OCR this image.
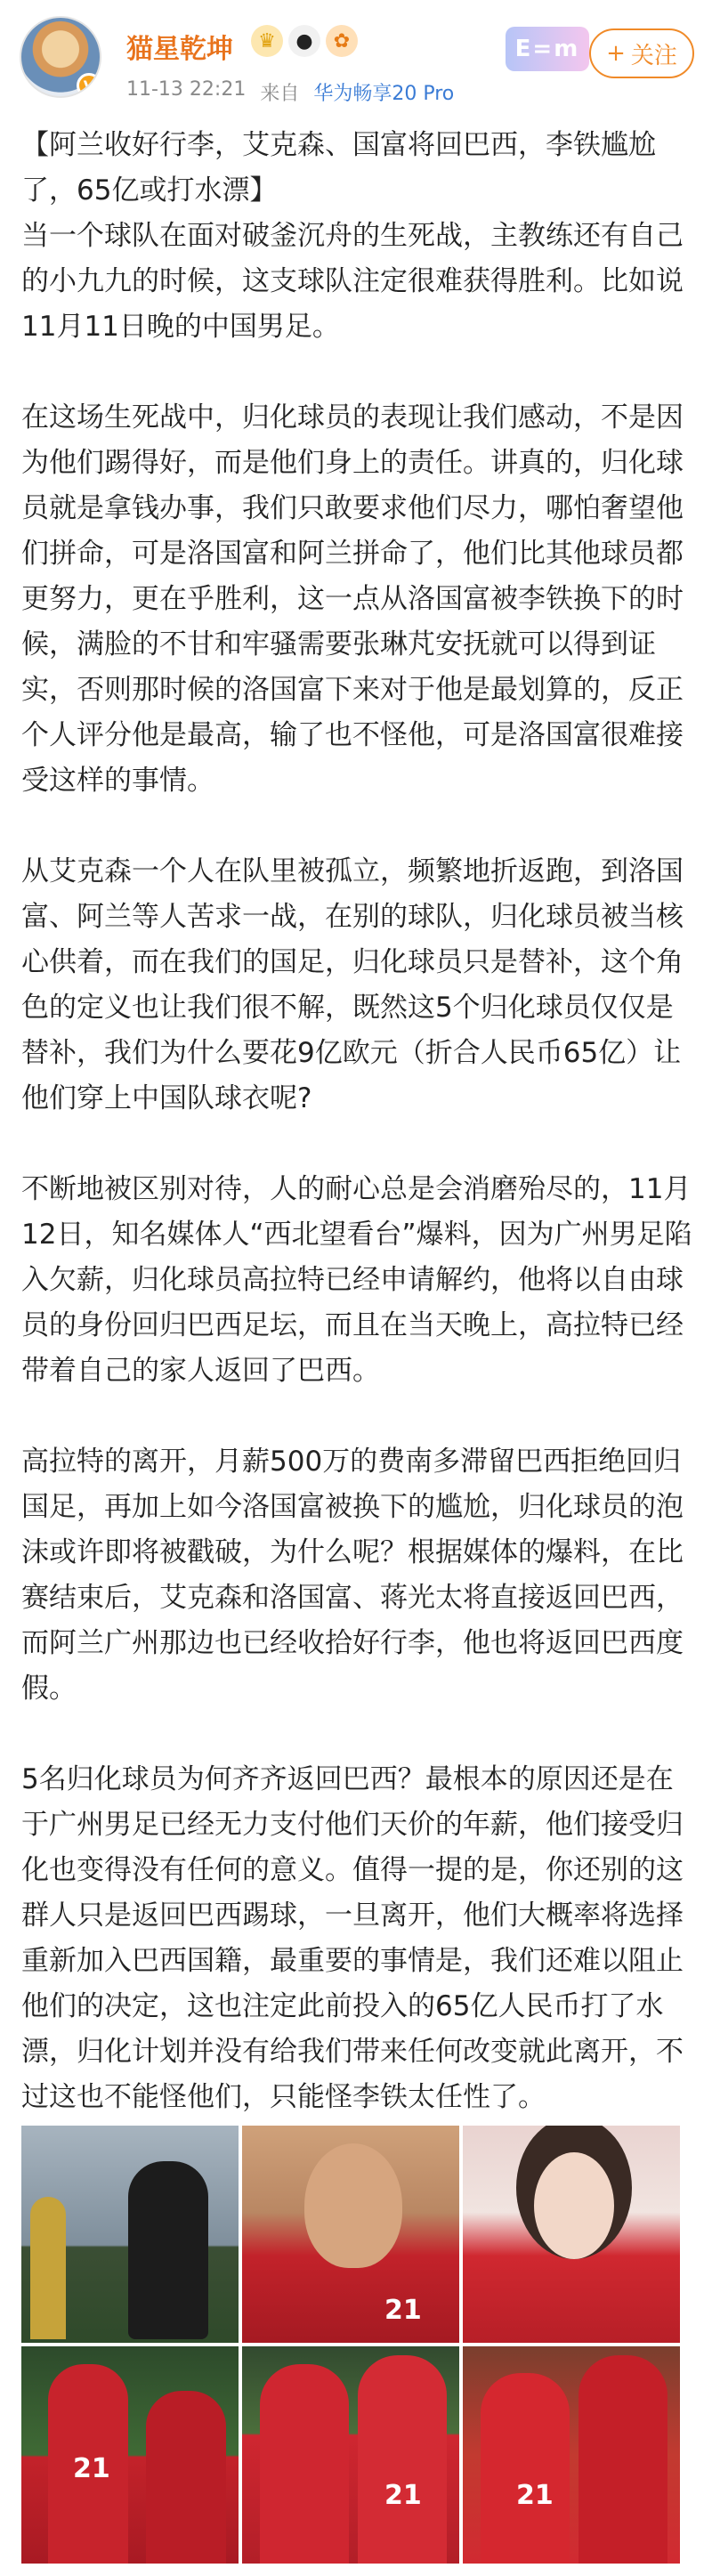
V
猫星乾坤	♛	●	✿
11-13 22:21 来自 华为畅享20 Pro
E=m	+ 关注

【阿兰收好行李，艾克森、国富将回巴西，李铁尴尬了，65亿或打水漂】

当一个球队在面对破釜沉舟的生死战，主教练还有自己的小九九的时候，这支球队注定很难获得胜利。比如说11月11日晚的中国男足。

在这场生死战中，归化球员的表现让我们感动，不是因为他们踢得好，而是他们身上的责任。讲真的，归化球员就是拿钱办事，我们只敢要求他们尽力，哪怕奢望他们拼命，可是洛国富和阿兰拼命了，他们比其他球员都更努力，更在乎胜利，这一点从洛国富被李铁换下的时候，满脸的不甘和牢骚需要张琳芃安抚就可以得到证实，否则那时候的洛国富下来对于他是最划算的，反正个人评分他是最高，输了也不怪他，可是洛国富很难接受这样的事情。

从艾克森一个人在队里被孤立，频繁地折返跑，到洛国富、阿兰等人苦求一战，在别的球队，归化球员被当核心供着，而在我们的国足，归化球员只是替补，这个角色的定义也让我们很不解，既然这5个归化球员仅仅是替补，我们为什么要花9亿欧元（折合人民币65亿）让他们穿上中国队球衣呢?

不断地被区别对待，人的耐心总是会消磨殆尽的，11月12日，知名媒体人“西北望看台”爆料，因为广州男足陷入欠薪，归化球员高拉特已经申请解约，他将以自由球员的身份回归巴西足坛，而且在当天晚上，高拉特已经带着自己的家人返回了巴西。

高拉特的离开，月薪500万的费南多滞留巴西拒绝回归国足，再加上如今洛国富被换下的尴尬，归化球员的泡沫或许即将被戳破，为什么呢？根据媒体的爆料，在比赛结束后，艾克森和洛国富、蒋光太将直接返回巴西，而阿兰广州那边也已经收拾好行李，他也将返回巴西度假。

5名归化球员为何齐齐返回巴西？最根本的原因还是在于广州男足已经无力支付他们天价的年薪，他们接受归化也变得没有任何的意义。值得一提的是，你还别的这群人只是返回巴西踢球，一旦离开，他们大概率将选择重新加入巴西国籍，最重要的事情是，我们还难以阻止他们的决定，这也注定此前投入的65亿人民币打了水漂，归化计划并没有给我们带来任何改变就此离开，不过这也不能怪他们，只能怪李铁太任性了。

21
21
21	21
